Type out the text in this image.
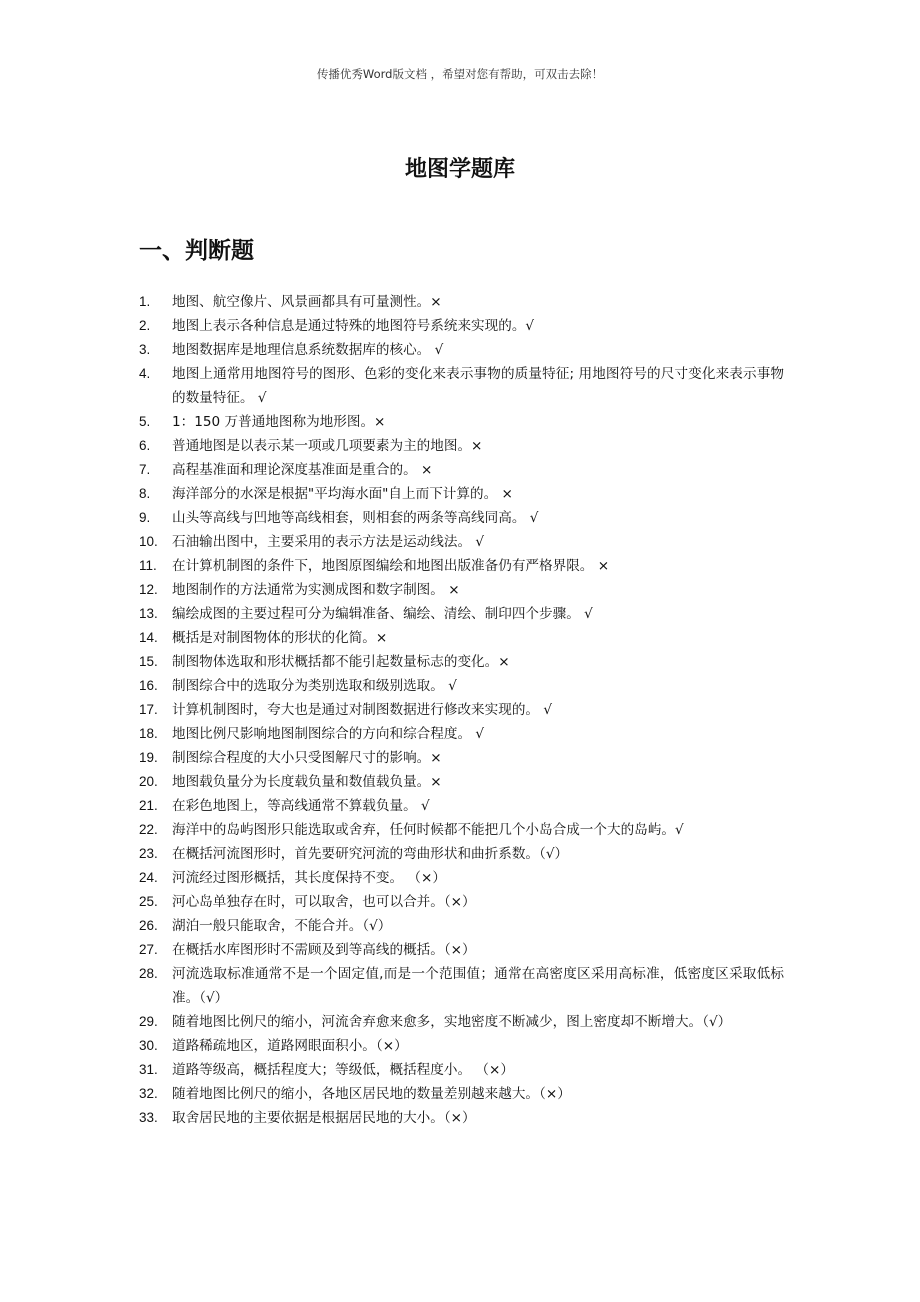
传播优秀Word版文档 ，希望对您有帮助，可双击去除！
地图学题库
一、判断题
1.	地图、航空像片、风景画都具有可量测性。×
2.	地图上表示各种信息是通过特殊的地图符号系统来实现的。√
3.	地图数据库是地理信息系统数据库的核心。 √
4.	地图上通常用地图符号的图形、色彩的变化来表示事物的质量特征; 用地图符号的尺寸变化来表示事物的数量特征。 √
5.	1：150 万普通地图称为地形图。×
6.	普通地图是以表示某一项或几项要素为主的地图。×
7.	高程基准面和理论深度基准面是重合的。 ×
8.	海洋部分的水深是根据"平均海水面"自上而下计算的。 ×
9.	山头等高线与凹地等高线相套，则相套的两条等高线同高。 √
10.	石油输出图中，主要采用的表示方法是运动线法。 √
11.	在计算机制图的条件下，地图原图编绘和地图出版准备仍有严格界限。 ×
12.	地图制作的方法通常为实测成图和数字制图。 ×
13.	编绘成图的主要过程可分为编辑准备、编绘、清绘、制印四个步骤。 √
14.	概括是对制图物体的形状的化简。×
15.	制图物体选取和形状概括都不能引起数量标志的变化。×
16.	制图综合中的选取分为类别选取和级别选取。 √
17.	计算机制图时，夸大也是通过对制图数据进行修改来实现的。 √
18.	地图比例尺影响地图制图综合的方向和综合程度。 √
19.	制图综合程度的大小只受图解尺寸的影响。×
20.	地图载负量分为长度载负量和数值载负量。×
21.	在彩色地图上，等高线通常不算载负量。 √
22.	海洋中的岛屿图形只能选取或舍弃，任何时候都不能把几个小岛合成一个大的岛屿。√
23.	在概括河流图形时，首先要研究河流的弯曲形状和曲折系数。（√）
24.	河流经过图形概括，其长度保持不变。 （×）
25.	河心岛单独存在时，可以取舍，也可以合并。（×）
26.	湖泊一般只能取舍，不能合并。（√）
27.	在概括水库图形时不需顾及到等高线的概括。（×）
28.	河流选取标准通常不是一个固定值,而是一个范围值；通常在高密度区采用高标准，低密度区采取低标准。（√）
29.	随着地图比例尺的缩小，河流舍弃愈来愈多，实地密度不断减少，图上密度却不断增大。（√）
30.	道路稀疏地区，道路网眼面积小。（×）
31.	道路等级高，概括程度大；等级低，概括程度小。 （×）
32.	随着地图比例尺的缩小，各地区居民地的数量差别越来越大。（×）
33.	取舍居民地的主要依据是根据居民地的大小。（×）
